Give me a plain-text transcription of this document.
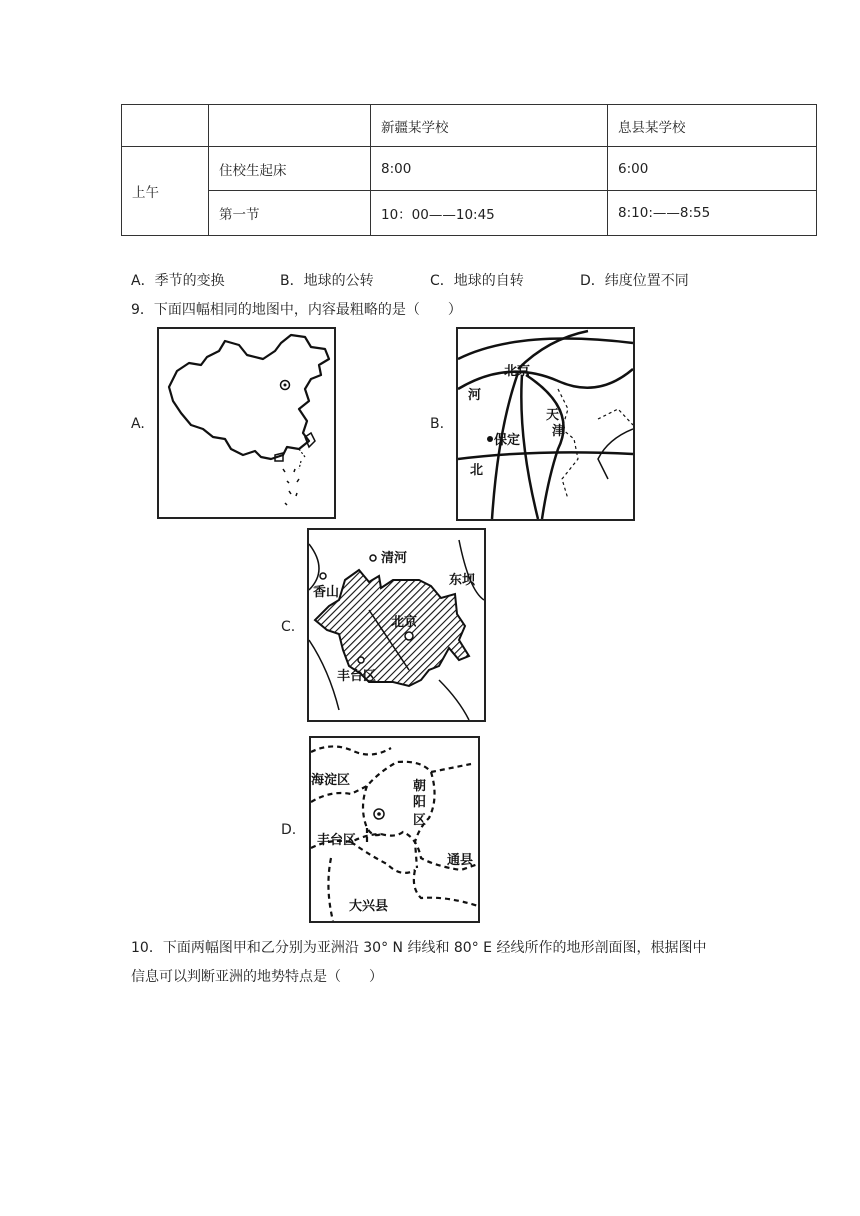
		新疆某学校	息县某学校
上午	住校生起床	8:00	6:00
	第一节	10：00——10:45	8:10:——8:55
A．季节的变换	B．地球的公转	C．地球的自转	D．纬度位置不同
9．下面四幅相同的地图中，内容最粗略的是（　　）
A.	B.
C.
D.
北京
河
天
津
保定
北
清河
东坝
香山
北京
丰台区
海淀区	朝
阳
区
丰台区
通县
大兴县
10．下面两幅图甲和乙分别为亚洲沿 30° N 纬线和 80° E 经线所作的地形剖面图，根据图中
信息可以判断亚洲的地势特点是（　　）
